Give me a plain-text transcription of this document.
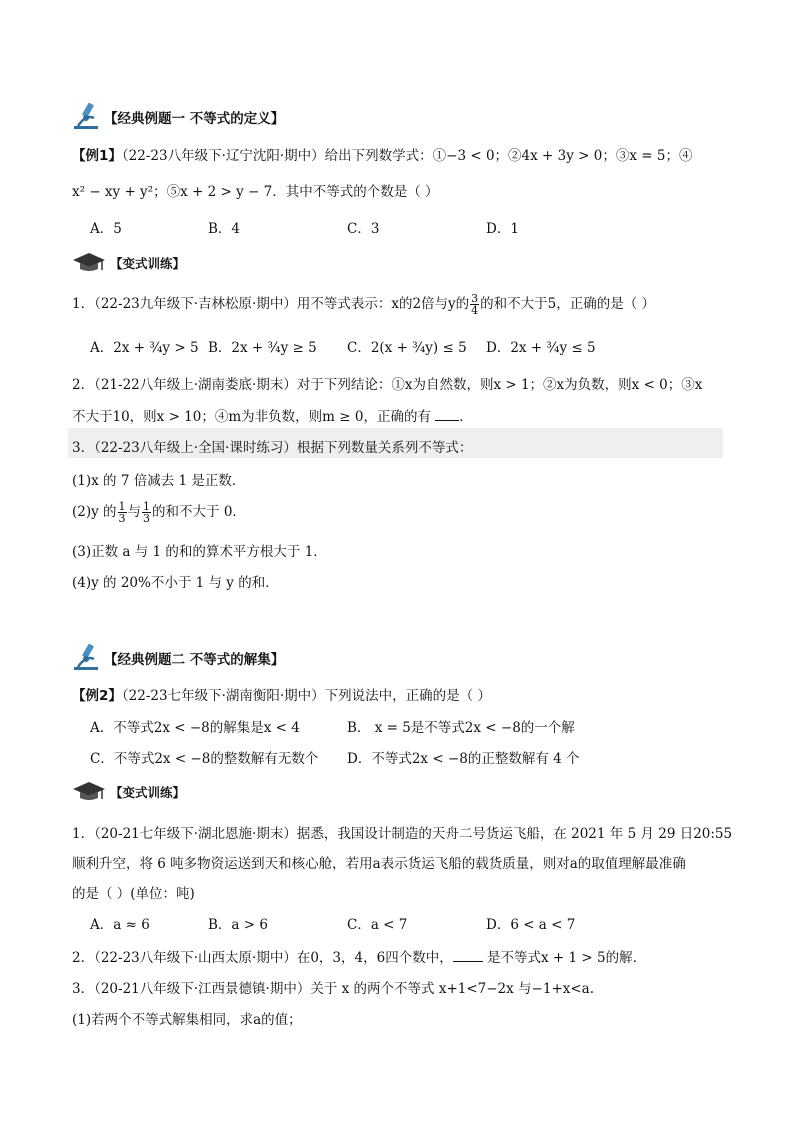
【经典例题一 不等式的定义】
【例1】（22-23八年级下·辽宁沈阳·期中）给出下列数学式：①−3 < 0；②4x + 3y > 0；③x = 5；④
x² − xy + y²；⑤x + 2 > y − 7．其中不等式的个数是（ ）
A．5	B．4	C．3	D．1
【变式训练】
1．（22-23九年级下·吉林松原·期中）用不等式表示：x的2倍与y的 $\frac{3}{4}$ 的和不大于5，正确的是（ ）
A．2x + ¾y > 5 B．2x + ¾y ≥ 5 C．2(x + ¾y) ≤ 5 D．2x + ¾y ≤ 5
2．（21-22八年级上·湖南娄底·期末）对于下列结论：①x为自然数，则x > 1；②x为负数，则x < 0；③x
不大于10，则x > 10；④m为非负数，则m ≥ 0，正确的有 ．
3．（22-23八年级上·全国·课时练习）根据下列数量关系列不等式：
(1)x 的 7 倍减去 1 是正数．
(2)y 的 $\frac{1}{3}$ 与 $\frac{1}{3}$ 的和不大于 0．
(3)正数 a 与 1 的和的算术平方根大于 1．
(4)y 的 20%不小于 1 与 y 的和．
【经典例题二 不等式的解集】
【例2】（22-23七年级下·湖南衡阳·期中）下列说法中，正确的是（ ）
A．不等式2x < −8的解集是x < 4	B． x = 5是不等式2x < −8的一个解
C．不等式2x < −8的整数解有无数个 D．不等式2x < −8的正整数解有 4 个
【变式训练】
1．（20-21七年级下·湖北恩施·期末）据悉，我国设计制造的天舟二号货运飞船，在 2021 年 5 月 29 日20:55
顺利升空，将 6 吨多物资运送到天和核心舱，若用a表示货运飞船的载货质量，则对a的取值理解最准确
的是（ ）(单位：吨)
A．a ≈ 6	B．a > 6	C．a < 7	D．6 < a < 7
2．（22-23八年级下·山西太原·期中）在0，3，4，6四个数中，	是不等式x + 1 > 5的解．
3．（20-21八年级下·江西景德镇·期中）关于 x 的两个不等式 x+1<7−2x 与−1+x<a.
(1)若两个不等式解集相同，求a的值；
